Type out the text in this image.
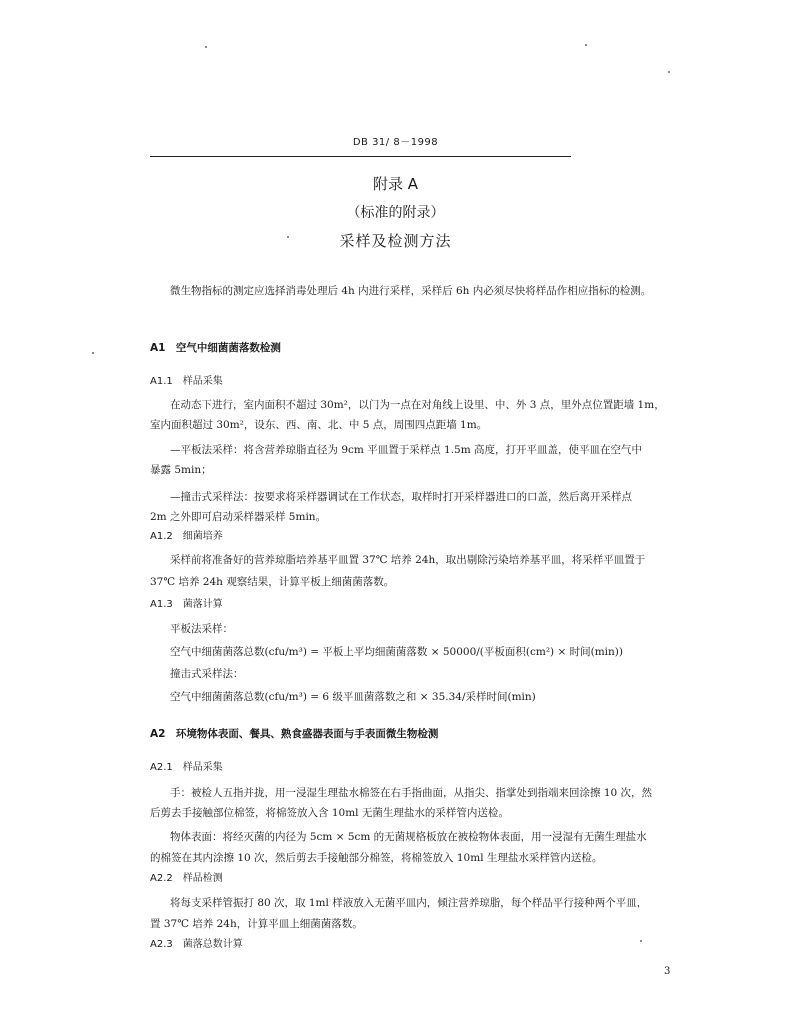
DB 31/ 8－1998
附录 A
（标准的附录）
采样及检测方法
微生物指标的测定应选择消毒处理后 4h 内进行采样，采样后 6h 内必须尽快将样品作相应指标的检测。
A1　空气中细菌菌落数检测
A1.1　样品采集
在动态下进行，室内面积不超过 30m²，以门为一点在对角线上设里、中、外 3 点，里外点位置距墙 1m，
室内面积超过 30m²，设东、西、南、北、中 5 点，周围四点距墙 1m。
—平板法采样：将含营养琼脂直径为 9cm 平皿置于采样点 1.5m 高度，打开平皿盖，使平皿在空气中
暴露 5min；
—撞击式采样法：按要求将采样器调试在工作状态，取样时打开采样器进口的口盖，然后离开采样点
2m 之外即可启动采样器采样 5min。
A1.2　细菌培养
采样前将准备好的营养琼脂培养基平皿置 37℃ 培养 24h，取出剔除污染培养基平皿，将采样平皿置于
37℃ 培养 24h 观察结果，计算平板上细菌菌落数。
A1.3　菌落计算
平板法采样：
空气中细菌菌落总数(cfu/m³) = 平板上平均细菌菌落数 × 50000/(平板面积(cm²) × 时间(min))
撞击式采样法：
空气中细菌菌落总数(cfu/m³) = 6 级平皿菌落数之和 × 35.34/采样时间(min)
A2　环境物体表面、餐具、熟食盛器表面与手表面微生物检测
A2.1　样品采集
手：被检人五指并拢，用一浸湿生理盐水棉签在右手指曲面，从指尖、指掌处到指端来回涂擦 10 次，然
后剪去手接触部位棉签，将棉签放入含 10ml 无菌生理盐水的采样管内送检。
物体表面：将经灭菌的内径为 5cm × 5cm 的无菌规格板放在被检物体表面，用一浸湿有无菌生理盐水
的棉签在其内涂擦 10 次，然后剪去手接触部分棉签，将棉签放入 10ml 生理盐水采样管内送检。
A2.2　样品检测
将每支采样管振打 80 次，取 1ml 样液放入无菌平皿内，倾注营养琼脂，每个样品平行接种两个平皿，
置 37℃ 培养 24h，计算平皿上细菌菌落数。
A2.3　菌落总数计算
3
